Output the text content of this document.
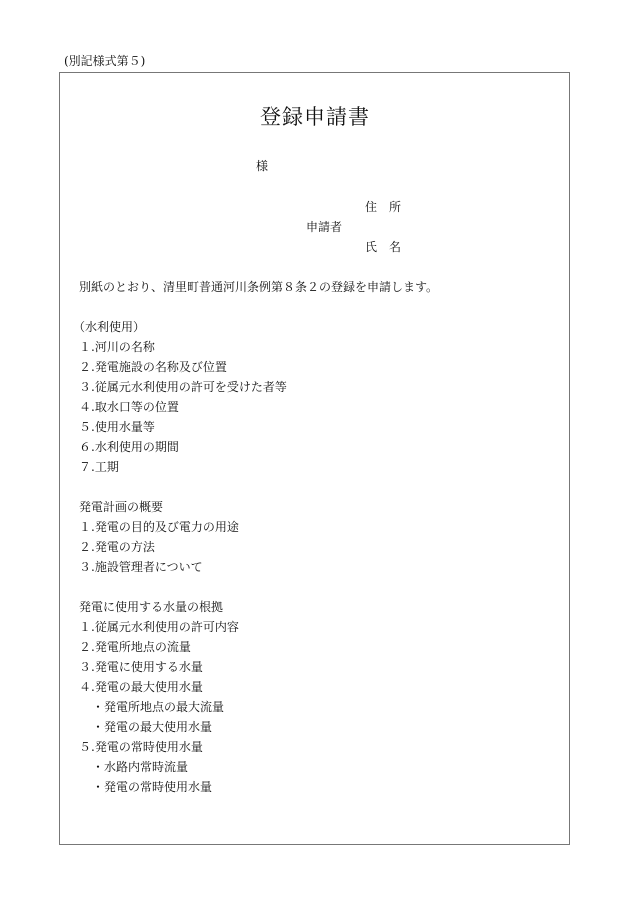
(別記様式第５)
登録申請書
様
住　所
申請者
氏　名
別紙のとおり、清里町普通河川条例第８条２の登録を申請します。
（水利使用）
１.河川の名称
２.発電施設の名称及び位置
３.従属元水利使用の許可を受けた者等
４.取水口等の位置
５.使用水量等
６.水利使用の期間
７.工期
発電計画の概要
１.発電の目的及び電力の用途
２.発電の方法
３.施設管理者について
発電に使用する水量の根拠
１.従属元水利使用の許可内容
２.発電所地点の流量
３.発電に使用する水量
４.発電の最大使用水量
・発電所地点の最大流量
・発電の最大使用水量
５.発電の常時使用水量
・水路内常時流量
・発電の常時使用水量
